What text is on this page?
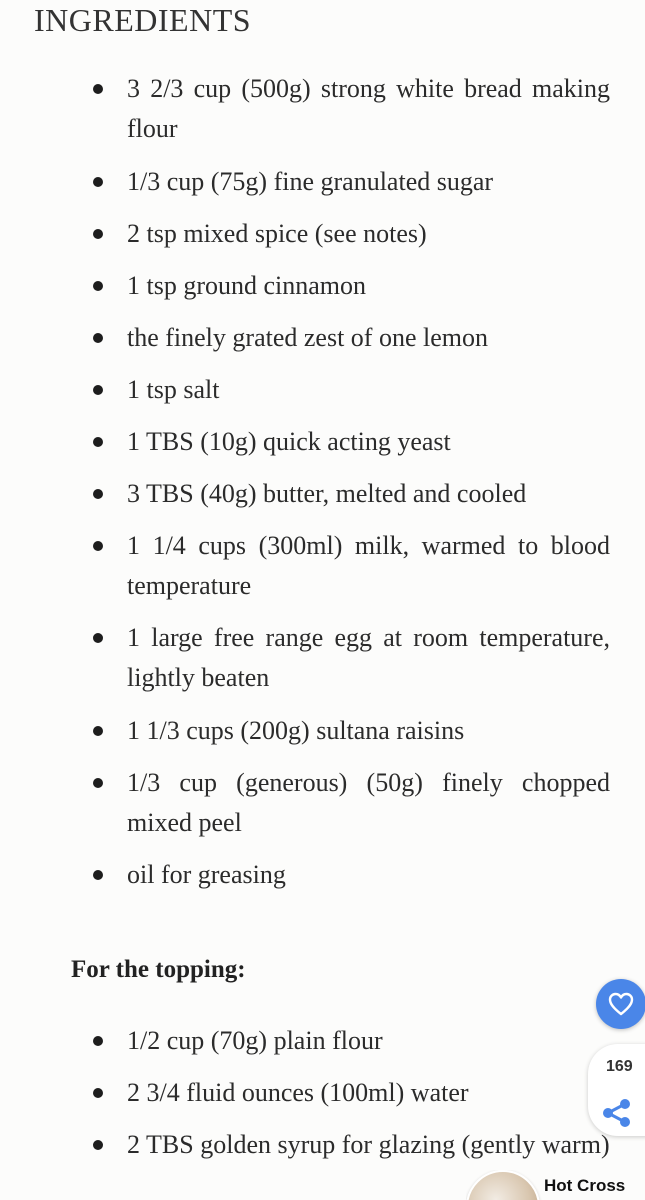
INGREDIENTS
3 2/3 cup (500g) strong white bread making flour
1/3 cup (75g) fine granulated sugar
2 tsp mixed spice (see notes)
1 tsp ground cinnamon
the finely grated zest of one lemon
1 tsp salt
1 TBS (10g) quick acting yeast
3 TBS (40g) butter, melted and cooled
1 1/4 cups (300ml) milk, warmed to blood temperature
1 large free range egg at room temperature, lightly beaten
1 1/3 cups (200g) sultana raisins
1/3 cup (generous) (50g) finely chopped mixed peel
oil for greasing
For the topping:
1/2 cup (70g) plain flour
2 3/4 fluid ounces (100ml) water
2 TBS golden syrup for glazing (gently warm)
169
Hot Cross
